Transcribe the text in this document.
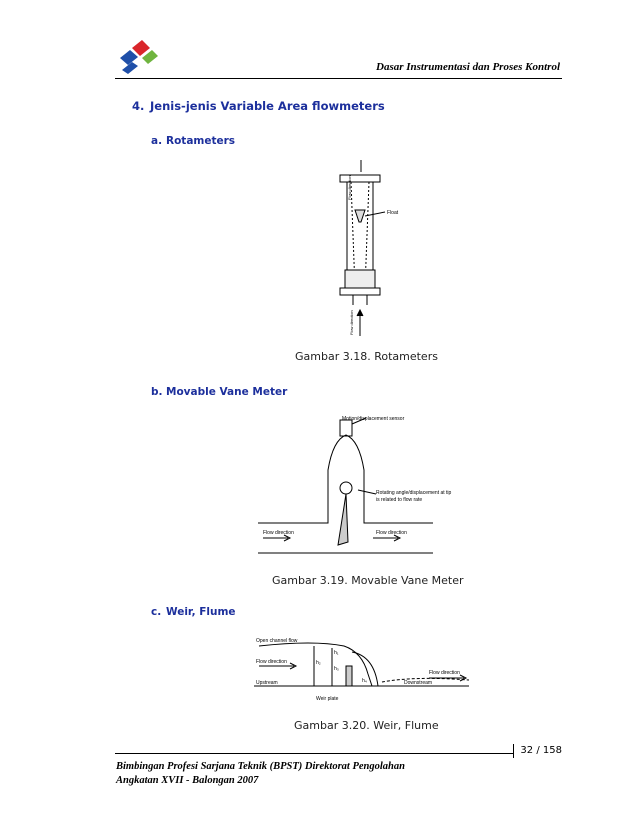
Dasar Instrumentasi dan Proses Kontrol
4. Jenis-jenis Variable Area flowmeters
a. Rotameters
Float
Flow direction
Flow direction
Gambar 3.18. Rotameters
b. Movable Vane Meter
Motion/displacement sensor
Rotating angle/displacement at tip
is related to flow rate
Flow direction	Flow direction
Gambar 3.19. Movable Vane Meter
c. Weir, Flume
Open channel flow
Flow direction
Upstream
Weir plate
Downstream
Flow direction
h₁
h₂
h₃
h₄
Gambar 3.20. Weir, Flume
32 / 158
Bimbingan Profesi Sarjana Teknik (BPST) Direktorat Pengolahan
Angkatan XVII - Balongan 2007
